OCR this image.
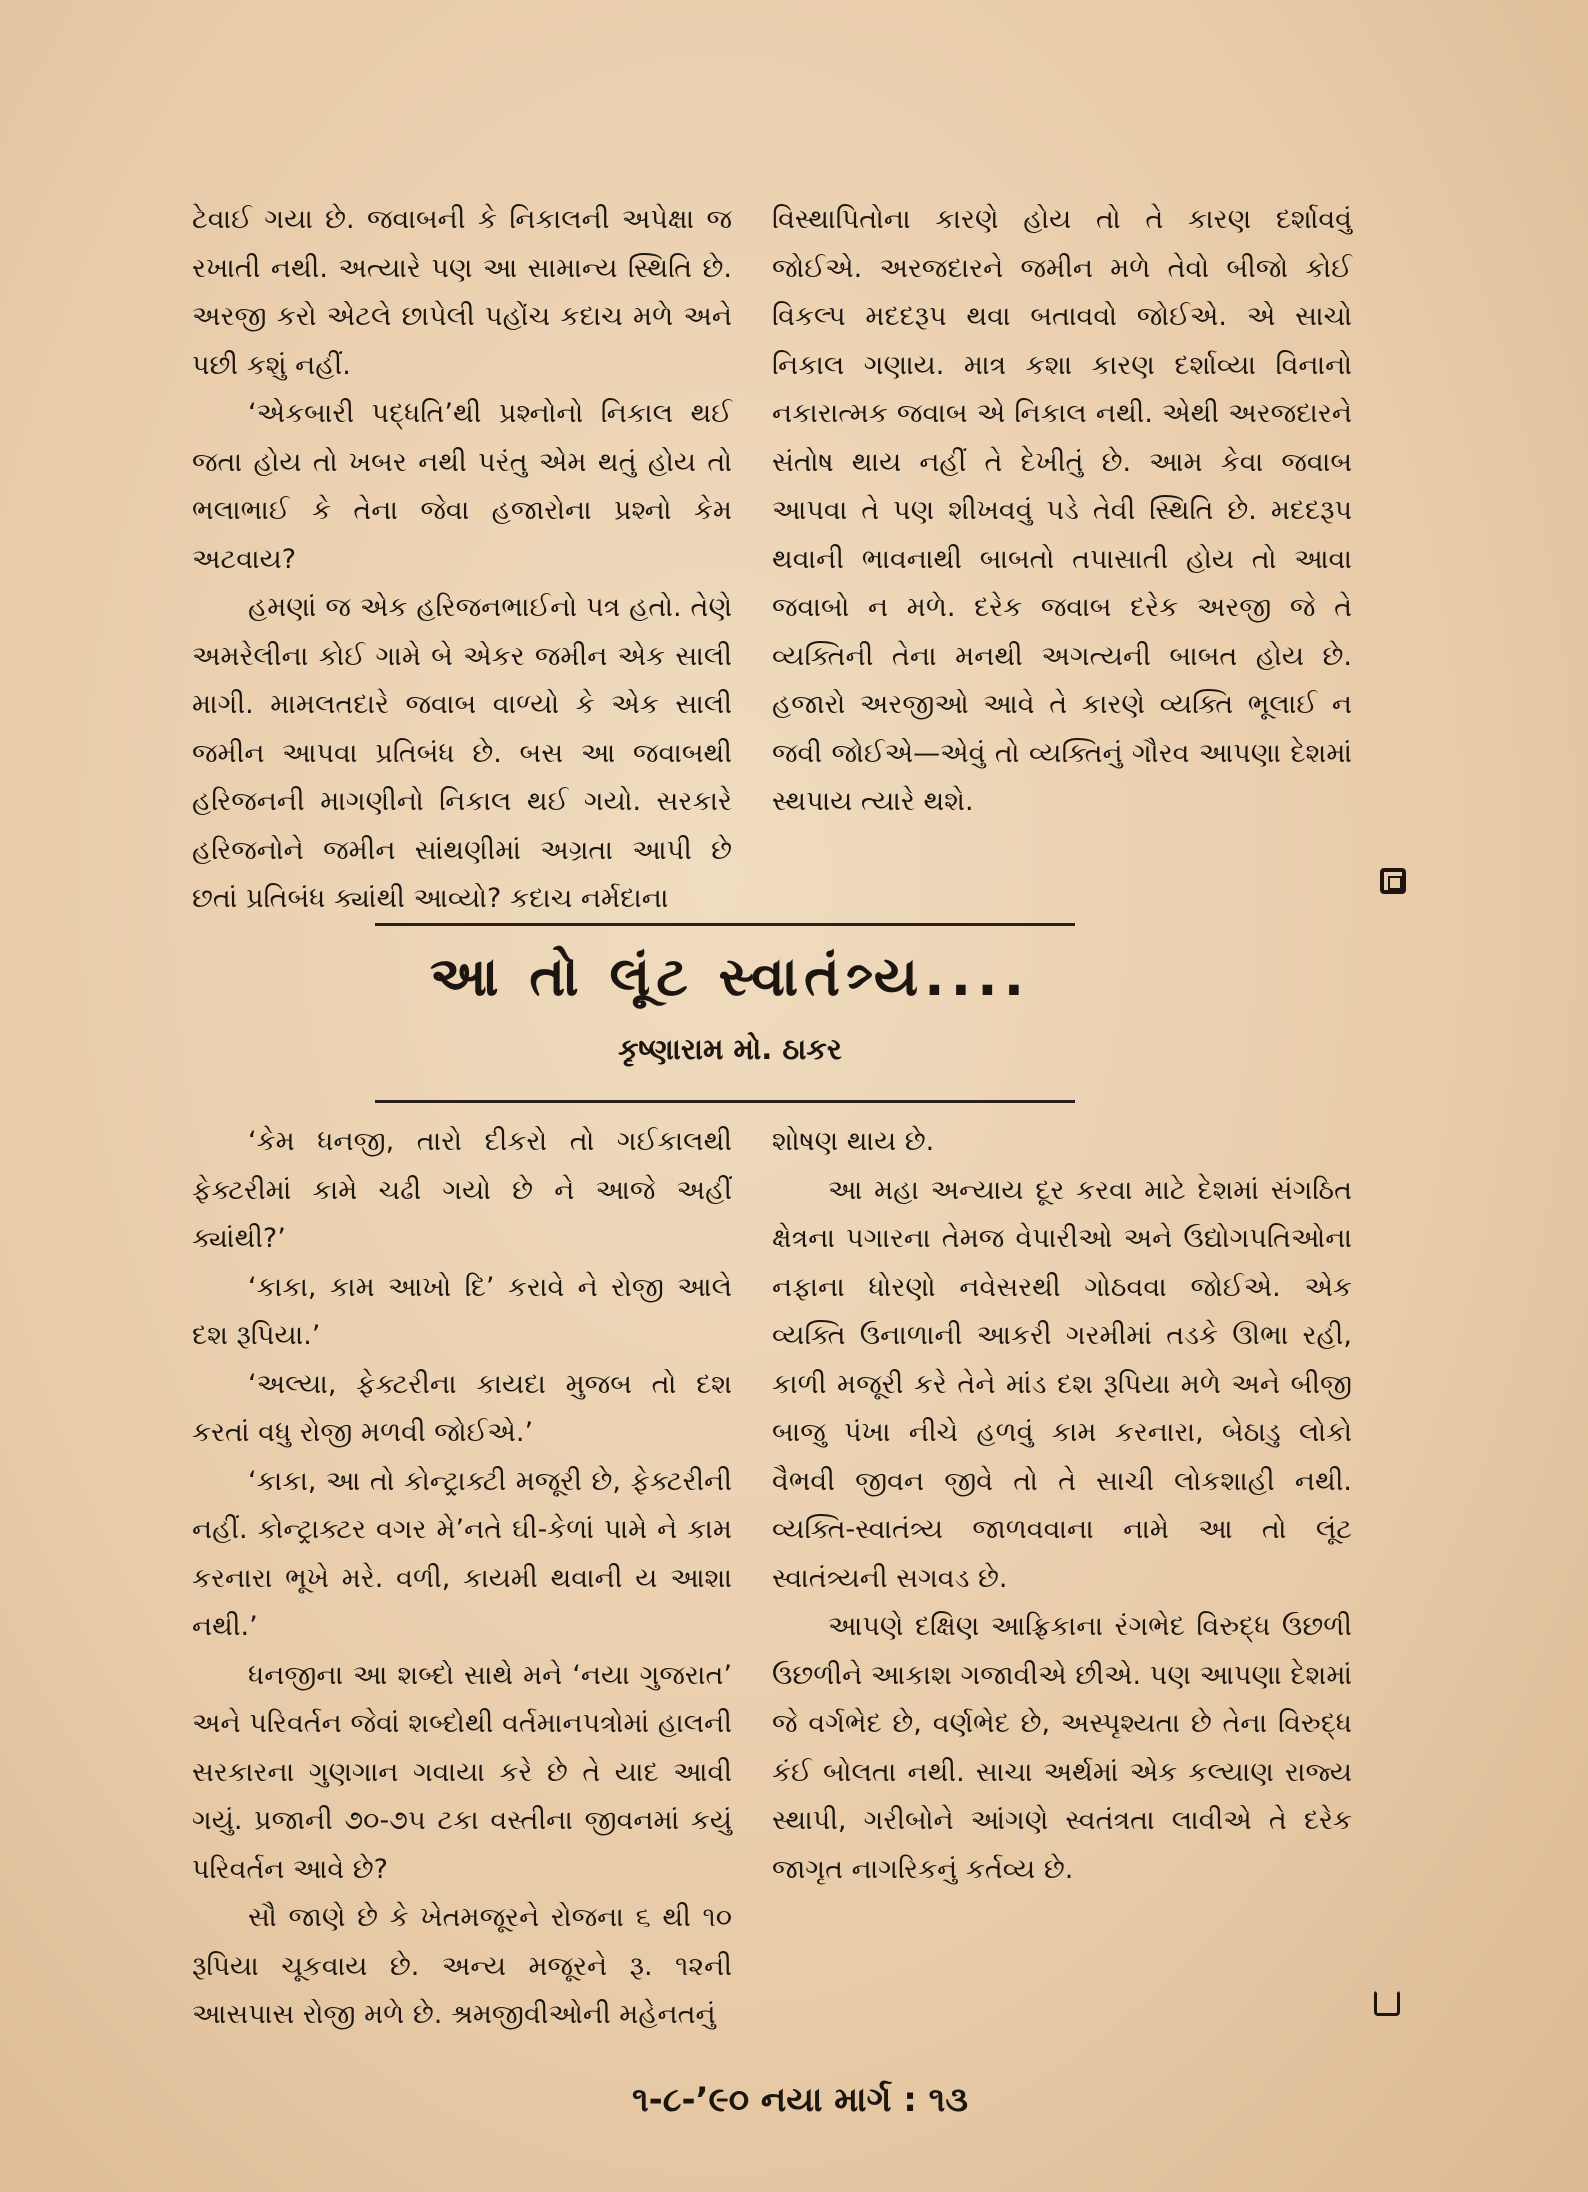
ટેવાઈ ગયા છે. જવાબની કે નિકાલની અપેક્ષા જ રખાતી નથી. અત્યારે પણ આ સામાન્ય સ્થિતિ છે. અરજી કરો એટલે છાપેલી પહોંચ કદાચ મળે અને પછી કશું નહીં.

‘એકબારી પદ્ધતિ’થી પ્રશ્નોનો નિકાલ થઈ જતા હોય તો ખબર નથી પરંતુ એમ થતું હોય તો ભલાભાઈ કે તેના જેવા હજારોના પ્રશ્નો કેમ અટવાય?

હમણાં જ એક હરિજનભાઈનો પત્ર હતો. તેણે અમરેલીના કોઈ ગામે બે એકર જમીન એક સાલી માગી. મામલતદારે જવાબ વાળ્યો કે એક સાલી જમીન આપવા પ્રતિબંધ છે. બસ આ જવાબથી હરિજનની માગણીનો નિકાલ થઈ ગયો. સરકારે હરિજનોને જમીન સાંથણીમાં અગ્રતા આપી છે છતાં પ્રતિબંધ ક્યાંથી આવ્યો? કદાચ નર્મદાના

વિસ્થાપિતોના કારણે હોય તો તે કારણ દર્શાવવું જોઈએ. અરજદારને જમીન મળે તેવો બીજો કોઈ વિકલ્પ મદદરૂપ થવા બતાવવો જોઈએ. એ સાચો નિકાલ ગણાય. માત્ર કશા કારણ દર્શાવ્યા વિનાનો નકારાત્મક જવાબ એ નિકાલ નથી. એથી અરજદારને સંતોષ થાય નહીં તે દેખીતું છે. આમ કેવા જવાબ આપવા તે પણ શીખવવું પડે તેવી સ્થિતિ છે. મદદરૂપ થવાની ભાવનાથી બાબતો તપાસાતી હોય તો આવા જવાબો ન મળે. દરેક જવાબ દરેક અરજી જે તે વ્યક્તિની તેના મનથી અગત્યની બાબત હોય છે. હજારો અરજીઓ આવે તે કારણે વ્યક્તિ ભૂલાઈ ન જવી જોઈએ—એવું તો વ્યક્તિનું ગૌરવ આપણા દેશમાં સ્થપાય ત્યારે થશે.

આ તો લૂંટ સ્વાતંત્ર્ય....
કૃષ્ણારામ મો. ઠાકર

‘કેમ ધનજી, તારો દીકરો તો ગઈકાલથી ફેક્ટરીમાં કામે ચઢી ગયો છે ને આજે અહીં ક્યાંથી?’

‘કાકા, કામ આખો દિ’ કરાવે ને રોજી આલે દશ રૂપિયા.’

‘અલ્યા, ફેક્ટરીના કાયદા મુજબ તો દશ કરતાં વધુ રોજી મળવી જોઈએ.’

‘કાકા, આ તો કોન્ટ્રાક્ટી મજૂરી છે, ફેક્ટરીની નહીં. કોન્ટ્રાક્ટર વગર મે’નતે ઘી-કેળાં પામે ને કામ કરનારા ભૂખે મરે. વળી, કાયમી થવાની ય આશા નથી.’

ધનજીના આ શબ્દો સાથે મને ‘નયા ગુજરાત’ અને પરિવર્તન જેવાં શબ્દોથી વર્તમાનપત્રોમાં હાલની સરકારના ગુણગાન ગવાયા કરે છે તે યાદ આવી ગયું. પ્રજાની ૭૦-૭૫ ટકા વસ્તીના જીવનમાં કયું પરિવર્તન આવે છે?

સૌ જાણે છે કે ખેતમજૂરને રોજના ૬ થી ૧૦ રૂપિયા ચૂકવાય છે. અન્ય મજૂરને રૂ. ૧૨ની આસપાસ રોજી મળે છે. શ્રમજીવીઓની મહેનતનું

શોષણ થાય છે.

આ મહા અન્યાય દૂર કરવા માટે દેશમાં સંગઠિત ક્ષેત્રના પગારના તેમજ વેપારીઓ અને ઉદ્યોગપતિઓના નફાના ધોરણો નવેસરથી ગોઠવવા જોઈએ. એક વ્યક્તિ ઉનાળાની આકરી ગરમીમાં તડકે ઊભા રહી, કાળી મજૂરી કરે તેને માંડ દશ રૂપિયા મળે અને બીજી બાજુ પંખા નીચે હળવું કામ કરનારા, બેઠાડુ લોકો વૈભવી જીવન જીવે તો તે સાચી લોકશાહી નથી. વ્યક્તિ-સ્વાતંત્ર્ય જાળવવાના નામે આ તો લૂંટ સ્વાતંત્ર્યની સગવડ છે.

આપણે દક્ષિણ આફ્રિકાના રંગભેદ વિરુદ્ધ ઉછળી ઉછળીને આકાશ ગજાવીએ છીએ. પણ આપણા દેશમાં જે વર્ગભેદ છે, વર્ણભેદ છે, અસ્પૃશ્યતા છે તેના વિરુદ્ધ કંઈ બોલતા નથી. સાચા અર્થમાં એક કલ્યાણ રાજ્ય સ્થાપી, ગરીબોને આંગણે સ્વતંત્રતા લાવીએ તે દરેક જાગૃત નાગરિકનું કર્તવ્ય છે.

૧-૮-’૯૦ નયા માર્ગ : ૧૩
